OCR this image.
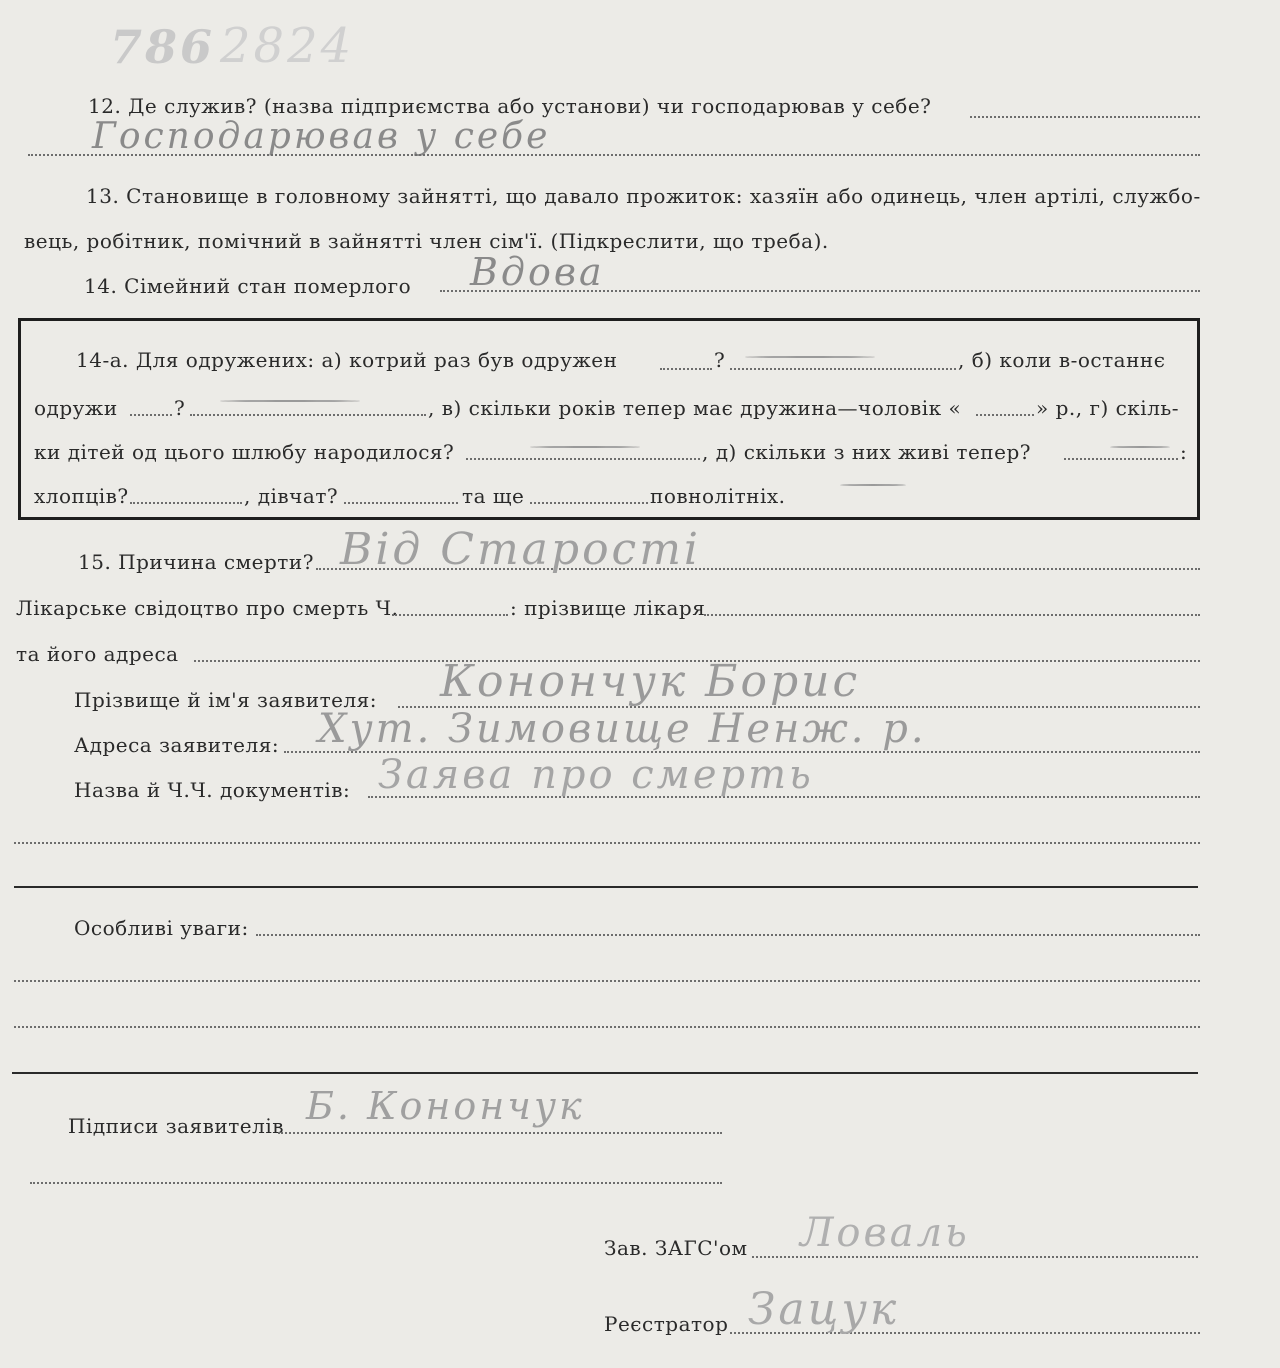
786 2824
12. Де служив? (назва підприємства або установи) чи господарював у себе?
Господарював у себе
13. Становище в головному зайнятті, що давало прожиток: хазяїн або одинець, член артілі, службо-
вець, робітник, помічний в зайнятті член сім'ї. (Підкреслити, що треба).
14. Сімейний стан померлого Вдова
14-а. Для одружених: а) котрий раз був одружен	?	, б) коли в-останнє
одружи	?	, в) скільки років тепер має дружина—чоловік «	» р., г) скіль-
ки дітей од цього шлюбу народилося?	, д) скільки з них живі тепер?	:
хлопців?	, дівчат?	та ще	повнолітніх.
15. Причина смерти? Від Старості
Лікарське свідоцтво про смерть Ч.	: прізвище лікаря
та його адреса
Прізвище й ім'я заявителя: Конончук Борис
Адреса заявителя: Хут. Зимовище Ненж. р.
Назва й Ч.Ч. документів: Заява про смерть
Особливі уваги:
Підписи заявителів Б. Конончук
Зав. ЗАГС'ом Ловаль
Реєстратор Зацук
